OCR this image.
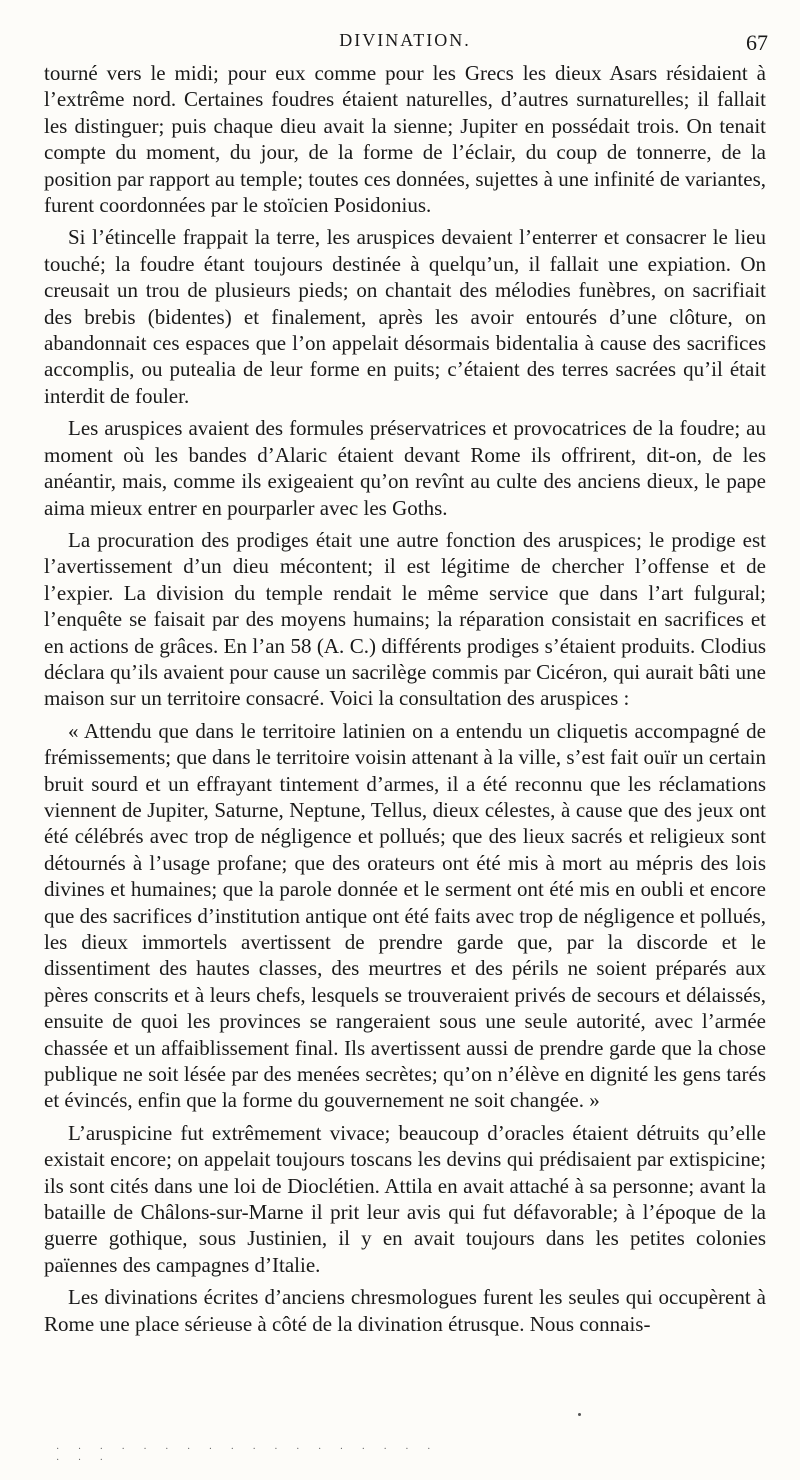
DIVINATION.	67

tourné vers le midi; pour eux comme pour les Grecs les dieux Asars résidaient à l’extrême nord. Certaines foudres étaient naturelles, d’autres surnaturelles; il fallait les distinguer; puis chaque dieu avait la sienne; Jupiter en possédait trois. On tenait compte du moment, du jour, de la forme de l’éclair, du coup de tonnerre, de la position par rapport au temple; toutes ces données, sujettes à une infinité de variantes, furent coordonnées par le stoïcien Posidonius.

Si l’étincelle frappait la terre, les aruspices devaient l’enterrer et consacrer le lieu touché; la foudre étant toujours destinée à quelqu’un, il fallait une expiation. On creusait un trou de plusieurs pieds; on chantait des mélodies funèbres, on sacrifiait des brebis (bidentes) et finalement, après les avoir entourés d’une clôture, on abandonnait ces espaces que l’on appelait désormais bidentalia à cause des sacrifices accomplis, ou putealia de leur forme en puits; c’étaient des terres sacrées qu’il était interdit de fouler.

Les aruspices avaient des formules préservatrices et provocatrices de la foudre; au moment où les bandes d’Alaric étaient devant Rome ils offrirent, dit-on, de les anéantir, mais, comme ils exigeaient qu’on revînt au culte des anciens dieux, le pape aima mieux entrer en pourparler avec les Goths.

La procuration des prodiges était une autre fonction des aruspices; le prodige est l’avertissement d’un dieu mécontent; il est légitime de chercher l’offense et de l’expier. La division du temple rendait le même service que dans l’art fulgural; l’enquête se faisait par des moyens humains; la réparation consistait en sacrifices et en actions de grâces. En l’an 58 (A. C.) différents prodiges s’étaient produits. Clodius déclara qu’ils avaient pour cause un sacrilège commis par Cicéron, qui aurait bâti une maison sur un territoire consacré. Voici la consultation des aruspices :

« Attendu que dans le territoire latinien on a entendu un cliquetis accompagné de frémissements; que dans le territoire voisin attenant à la ville, s’est fait ouïr un certain bruit sourd et un effrayant tintement d’armes, il a été reconnu que les réclamations viennent de Jupiter, Saturne, Neptune, Tellus, dieux célestes, à cause que des jeux ont été célébrés avec trop de négligence et pollués; que des lieux sacrés et religieux sont détournés à l’usage profane; que des orateurs ont été mis à mort au mépris des lois divines et humaines; que la parole donnée et le serment ont été mis en oubli et encore que des sacrifices d’institution antique ont été faits avec trop de négligence et pollués, les dieux immortels avertissent de prendre garde que, par la discorde et le dissentiment des hautes classes, des meurtres et des périls ne soient préparés aux pères conscrits et à leurs chefs, lesquels se trouveraient privés de secours et délaissés, ensuite de quoi les provinces se rangeraient sous une seule autorité, avec l’armée chassée et un affaiblissement final. Ils avertissent aussi de prendre garde que la chose publique ne soit lésée par des menées secrètes; qu’on n’élève en dignité les gens tarés et évincés, enfin que la forme du gouvernement ne soit changée. »

L’aruspicine fut extrêmement vivace; beaucoup d’oracles étaient détruits qu’elle existait encore; on appelait toujours toscans les devins qui prédisaient par extispicine; ils sont cités dans une loi de Dioclétien. Attila en avait attaché à sa personne; avant la bataille de Châlons-sur-Marne il prit leur avis qui fut défavorable; à l’époque de la guerre gothique, sous Justinien, il y en avait toujours dans les petites colonies païennes des campagnes d’Italie.

Les divinations écrites d’anciens chresmologues furent les seules qui occupèrent à Rome une place sérieuse à côté de la divination étrusque. Nous connais-

· · · · · · · · · · · · · · · · · · · · ·
